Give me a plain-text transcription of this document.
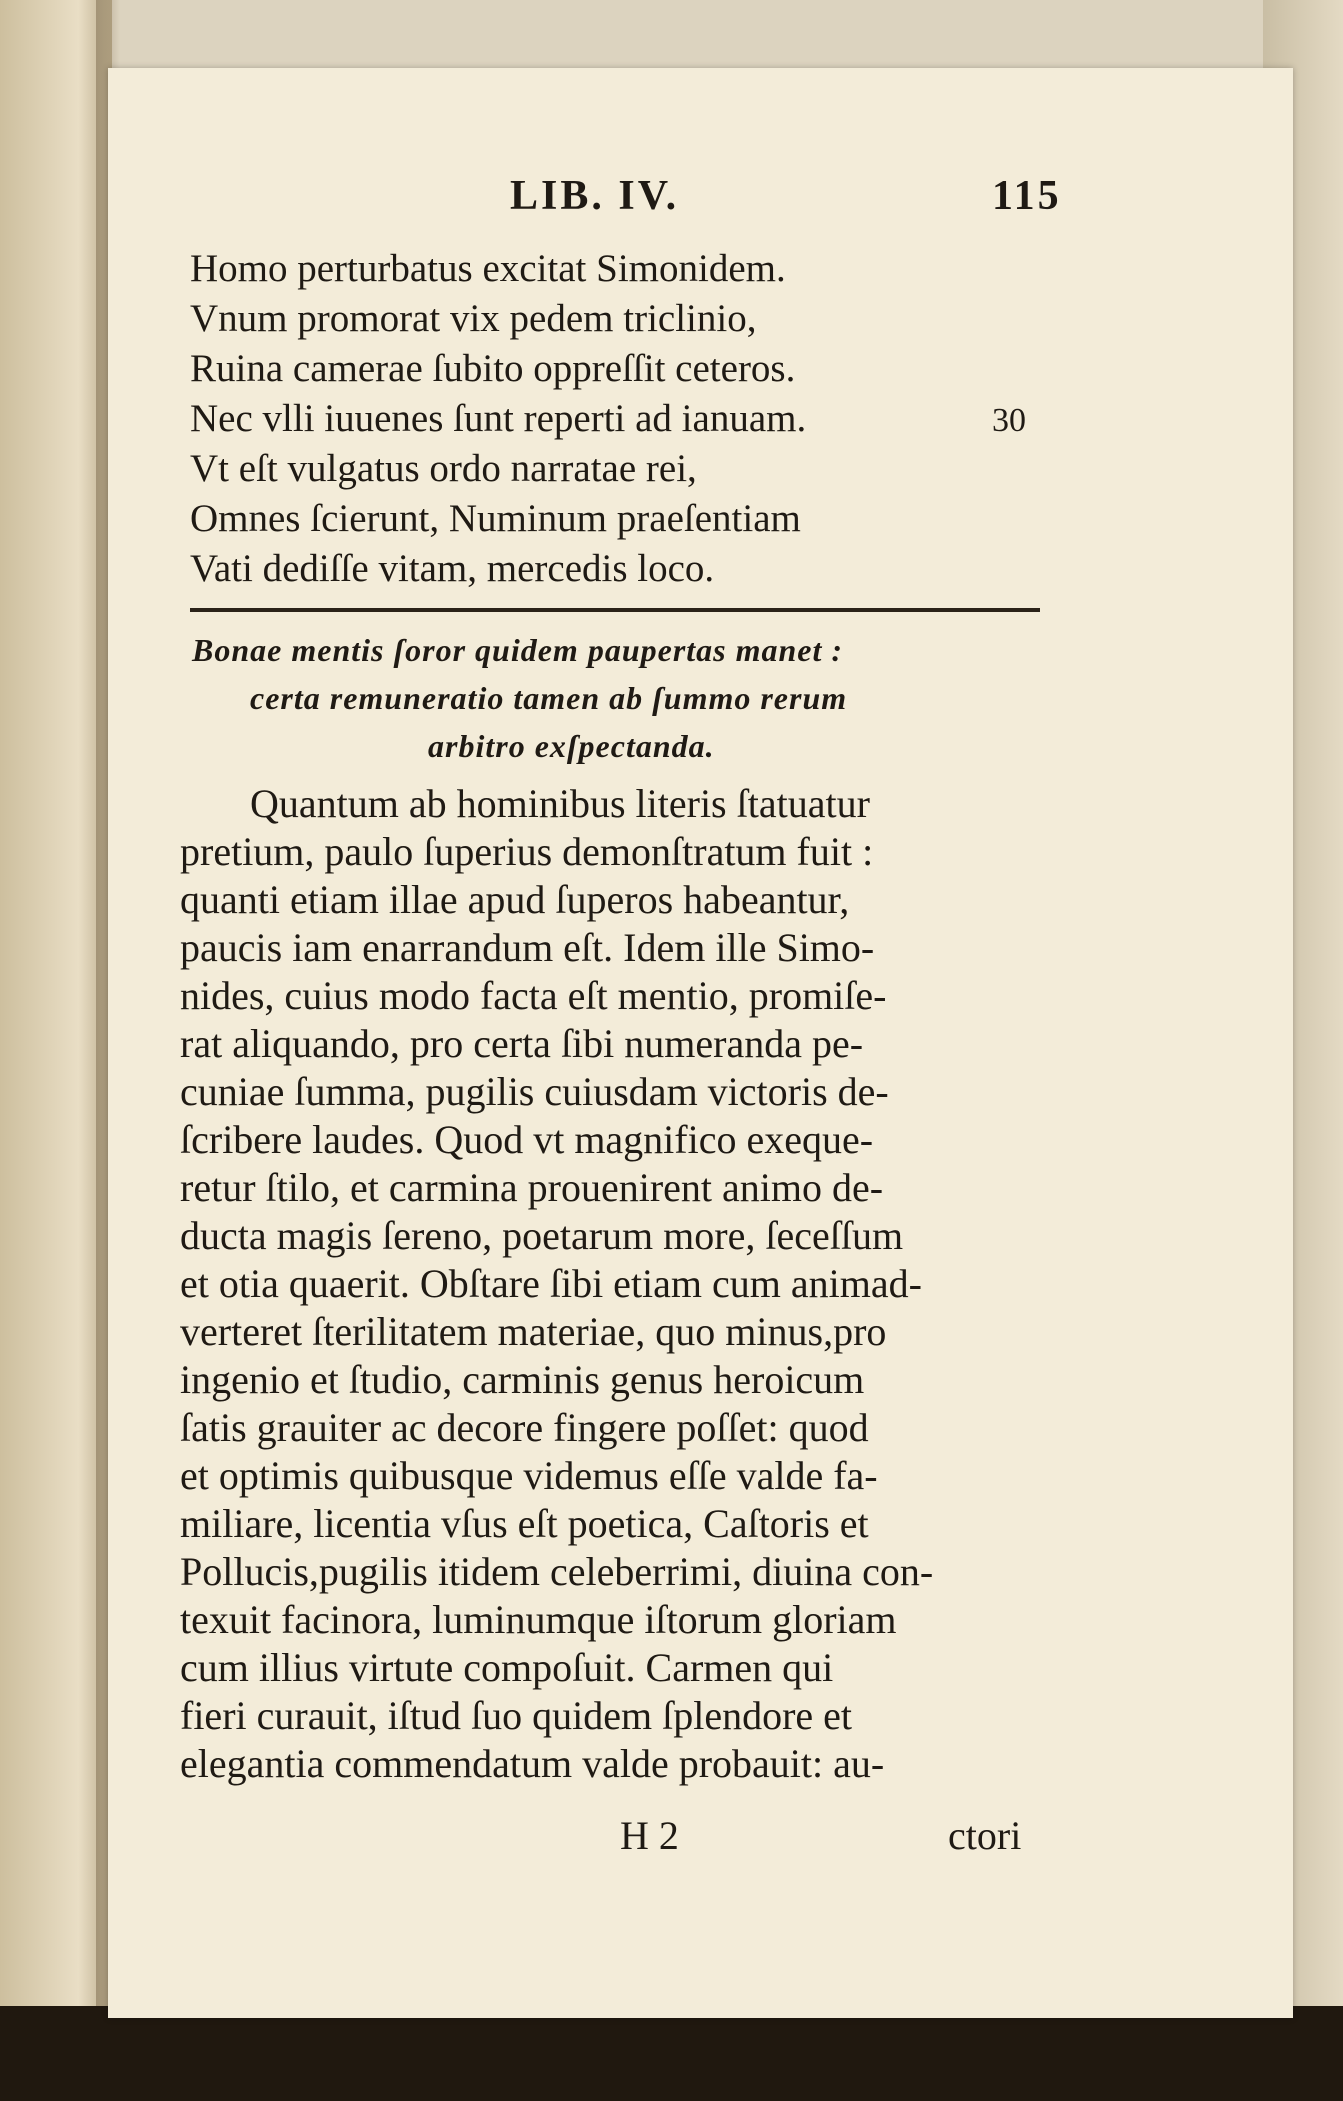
LIB. IV.	115
Homo perturbatus excitat Simonidem.
Vnum promorat vix pedem triclinio,
Ruina camerae ſubito oppreſſit ceteros.
Nec vlli iuuenes ſunt reperti ad ianuam.	30
Vt eſt vulgatus ordo narratae rei,
Omnes ſcierunt, Numinum praeſentiam
Vati dediſſe vitam, mercedis loco.
Bonae mentis ſoror quidem paupertas manet :
certa remuneratio tamen ab ſummo rerum
arbitro exſpectanda.
Quantum ab hominibus literis ſtatuatur
pretium, paulo ſuperius demonſtratum fuit :
quanti etiam illae apud ſuperos habeantur,
paucis iam enarrandum eſt. Idem ille Simo-
nides, cuius modo facta eſt mentio, promiſe-
rat aliquando, pro certa ſibi numeranda pe-
cuniae ſumma, pugilis cuiusdam victoris de-
ſcribere laudes. Quod vt magnifico exeque-
retur ſtilo, et carmina prouenirent animo de-
ducta magis ſereno, poetarum more, ſeceſſum
et otia quaerit. Obſtare ſibi etiam cum animad-
verteret ſterilitatem materiae, quo minus,pro
ingenio et ſtudio, carminis genus heroicum
ſatis grauiter ac decore fingere poſſet: quod
et optimis quibusque videmus eſſe valde fa-
miliare, licentia vſus eſt poetica, Caſtoris et
Pollucis,pugilis itidem celeberrimi, diuina con-
texuit facinora, luminumque iſtorum gloriam
cum illius virtute compoſuit. Carmen qui
fieri curauit, iſtud ſuo quidem ſplendore et
elegantia commendatum valde probauit: au-
H 2	ctori
